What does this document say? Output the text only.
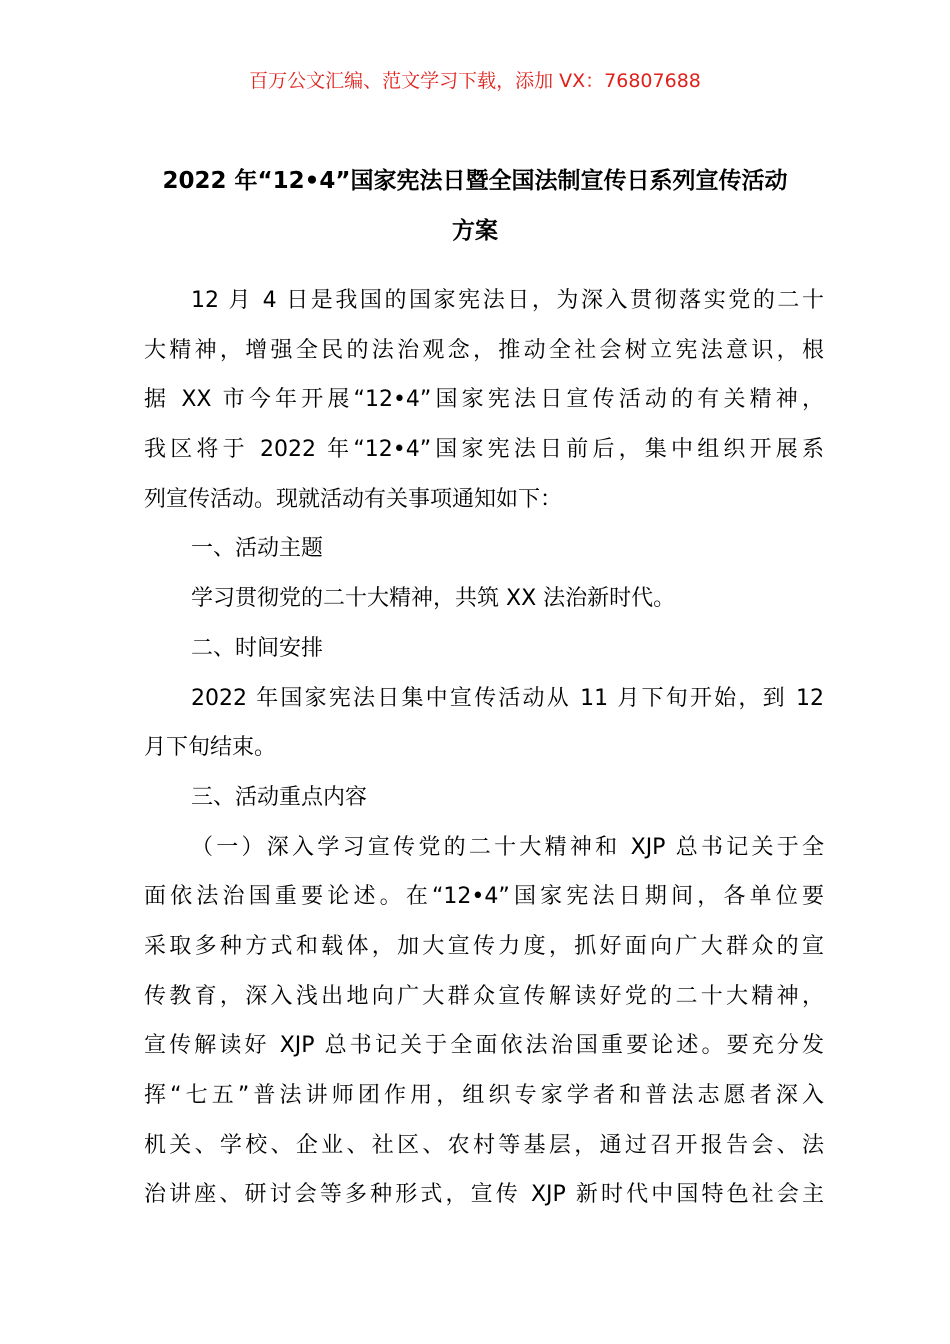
百万公文汇编、范文学习下载，添加 VX：76807688
2022 年“12•4”国家宪法日暨全国法制宣传日系列宣传活动
方案
12 月 4 日是我国的国家宪法日，为深入贯彻落实党的二十
大精神，增强全民的法治观念，推动全社会树立宪法意识，根
据 XX 市今年开展“12•4”国家宪法日宣传活动的有关精神，
我区将于 2022 年“12•4”国家宪法日前后，集中组织开展系
列宣传活动。现就活动有关事项通知如下：
一、活动主题
学习贯彻党的二十大精神，共筑 XX 法治新时代。
二、时间安排
2022 年国家宪法日集中宣传活动从 11 月下旬开始，到 12
月下旬结束。
三、活动重点内容
（一）深入学习宣传党的二十大精神和 XJP 总书记关于全
面依法治国重要论述。在“12•4”国家宪法日期间，各单位要
采取多种方式和载体，加大宣传力度，抓好面向广大群众的宣
传教育，深入浅出地向广大群众宣传解读好党的二十大精神，
宣传解读好 XJP 总书记关于全面依法治国重要论述。要充分发
挥“七五”普法讲师团作用，组织专家学者和普法志愿者深入
机关、学校、企业、社区、农村等基层，通过召开报告会、法
治讲座、研讨会等多种形式，宣传 XJP 新时代中国特色社会主
